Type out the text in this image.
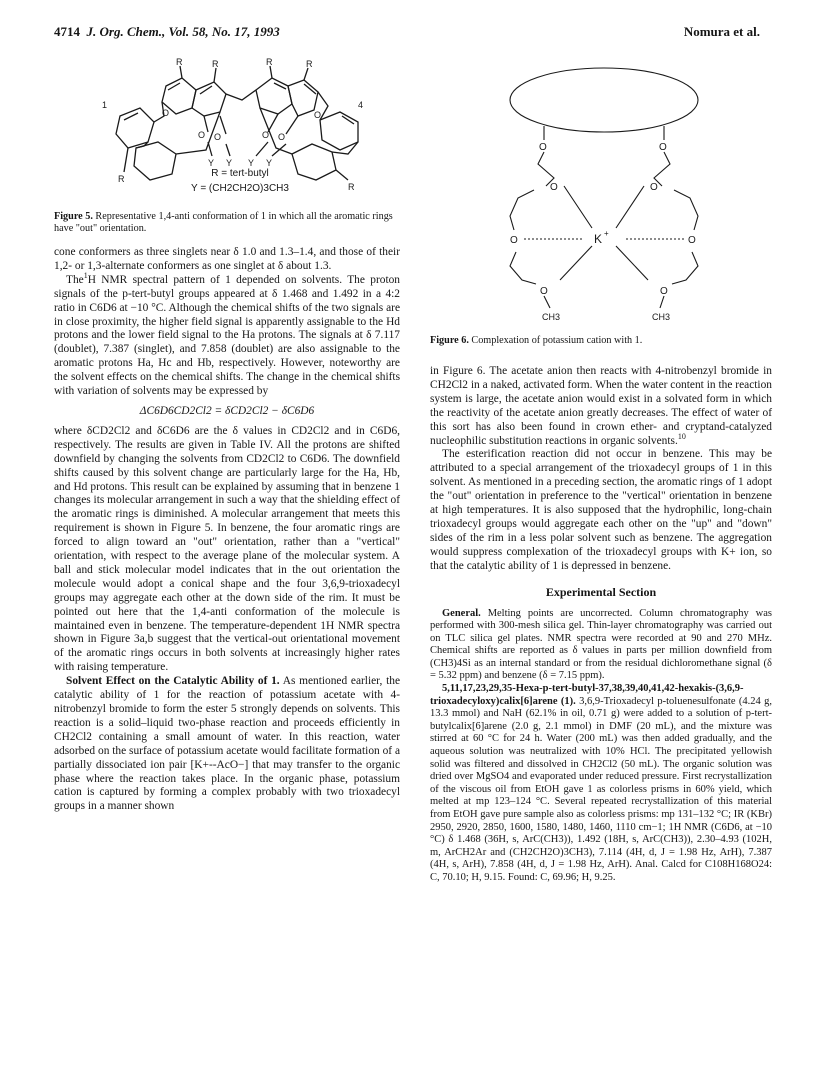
4714 J. Org. Chem., Vol. 58, No. 17, 1993	Nomura et al.
R	R	R	R
R
R
1	4
O O	O O
O	O
Y Y Y Y
R = tert-butyl
Y = (CH2CH2O)3CH3
Figure 5. Representative 1,4-anti conformation of 1 in which all the aromatic rings have "out" orientation.
O	O
O	O
O	O
O	O
K +
CH3	CH3
Figure 6. Complexation of potassium cation with 1.

cone conformers as three singlets near δ 1.0 and 1.3–1.4, and those of their 1,2- or 1,3-alternate conformers as one singlet at δ about 1.3.

The$^1$H NMR spectral pattern of 1 depended on solvents. The proton signals of the p-tert-butyl groups appeared at δ 1.468 and 1.492 in a 4:2 ratio in C6D6 at −10 °C. Although the chemical shifts of the two signals are in close proximity, the higher field signal is apparently assignable to the Hd protons and the lower field signal to the Ha protons. The signals at δ 7.117 (doublet), 7.387 (singlet), and 7.858 (doublet) are also assignable to the aromatic protons Ha, Hc and Hb, respectively. However, noteworthy are the solvent effects on the chemical shifts. The change in the chemical shifts with variation of solvents may be expressed by

ΔC6D6CD2Cl2 = δCD2Cl2 − δC6D6

where δCD2Cl2 and δC6D6 are the δ values in CD2Cl2 and in C6D6, respectively. The results are given in Table IV. All the protons are shifted downfield by changing the solvents from CD2Cl2 to C6D6. The downfield shifts caused by this solvent change are particularly large for the Ha, Hb, and Hd protons. This result can be explained by assuming that in benzene 1 changes its molecular arrangement in such a way that the shielding effect of the aromatic rings is diminished. A molecular arrangement that meets this requirement is shown in Figure 5. In benzene, the four aromatic rings are forced to align toward an "out" orientation, rather than a "vertical" orientation, with respect to the average plane of the molecular system. A ball and stick molecular model indicates that in the out orientation the molecule would adopt a conical shape and the four 3,6,9-trioxadecyl groups may aggregate each other at the down side of the rim. It must be pointed out here that the 1,4-anti conformation of the molecule is maintained even in benzene. The temperature-dependent 1H NMR spectra shown in Figure 3a,b suggest that the vertical-out orientational movement of the aromatic rings occurs in both solvents at increasingly higher rates with raising temperature.

Solvent Effect on the Catalytic Ability of 1. As mentioned earlier, the catalytic ability of 1 for the reaction of potassium acetate with 4-nitrobenzyl bromide to form the ester 5 strongly depends on solvents. This reaction is a solid–liquid two-phase reaction and proceeds efficiently in CH2Cl2 containing a small amount of water. In this reaction, water adsorbed on the surface of potassium acetate would facilitate formation of a partially dissociated ion pair [K+--AcO−] that may transfer to the organic phase where the reaction takes place. In the organic phase, potassium cation is captured by forming a complex probably with two trioxadecyl groups in a manner shown

in Figure 6. The acetate anion then reacts with 4-nitrobenzyl bromide in CH2Cl2 in a naked, activated form. When the water content in the reaction system is large, the acetate anion would exist in a solvated form in which the reactivity of the acetate anion greatly decreases. The effect of water of this sort has also been found in crown ether- and cryptand-catalyzed nucleophilic substitution reactions in organic solvents.$^{10}$

The esterification reaction did not occur in benzene. This may be attributed to a special arrangement of the trioxadecyl groups of 1 in this solvent. As mentioned in a preceding section, the aromatic rings of 1 adopt the "out" orientation in preference to the "vertical" orientation in benzene at high temperatures. It is also supposed that the hydrophilic, long-chain trioxadecyl groups would aggregate each other on the "up" and "down" sides of the rim in a less polar solvent such as benzene. The aggregation would suppress complexation of the trioxadecyl groups with K+ ion, so that the catalytic ability of 1 is depressed in benzene.

Experimental Section

General. Melting points are uncorrected. Column chromatography was performed with 300-mesh silica gel. Thin-layer chromatography was carried out on TLC silica gel plates. NMR spectra were recorded at 90 and 270 MHz. Chemical shifts are reported as δ values in parts per million downfield from (CH3)4Si as an internal standard or from the residual dichloromethane signal (δ = 5.32 ppm) and benzene (δ = 7.15 ppm).

5,11,17,23,29,35-Hexa-p-tert-butyl-37,38,39,40,41,42-hexakis-(3,6,9-trioxadecyloxy)calix[6]arene (1). 3,6,9-Trioxadecyl p-toluenesulfonate (4.24 g, 13.3 mmol) and NaH (62.1% in oil, 0.71 g) were added to a solution of p-tert-butylcalix[6]arene (2.0 g, 2.1 mmol) in DMF (20 mL), and the mixture was stirred at 60 °C for 24 h. Water (200 mL) was then added gradually, and the aqueous solution was neutralized with 10% HCl. The precipitated yellowish solid was filtered and dissolved in CH2Cl2 (50 mL). The organic solution was dried over MgSO4 and evaporated under reduced pressure. First recrystallization of the viscous oil from EtOH gave 1 as colorless prisms in 60% yield, which melted at mp 123–124 °C. Several repeated recrystallization of this material from EtOH gave pure sample also as colorless prisms: mp 131–132 °C; IR (KBr) 2950, 2920, 2850, 1600, 1580, 1480, 1460, 1110 cm−1; 1H NMR (C6D6, at −10 °C) δ 1.468 (36H, s, ArC(CH3)), 1.492 (18H, s, ArC(CH3)), 2.30–4.93 (102H, m, ArCH2Ar and (CH2CH2O)3CH3), 7.114 (4H, d, J = 1.98 Hz, ArH), 7.387 (4H, s, ArH), 7.858 (4H, d, J = 1.98 Hz, ArH). Anal. Calcd for C108H168O24: C, 70.10; H, 9.15. Found: C, 69.96; H, 9.25.
